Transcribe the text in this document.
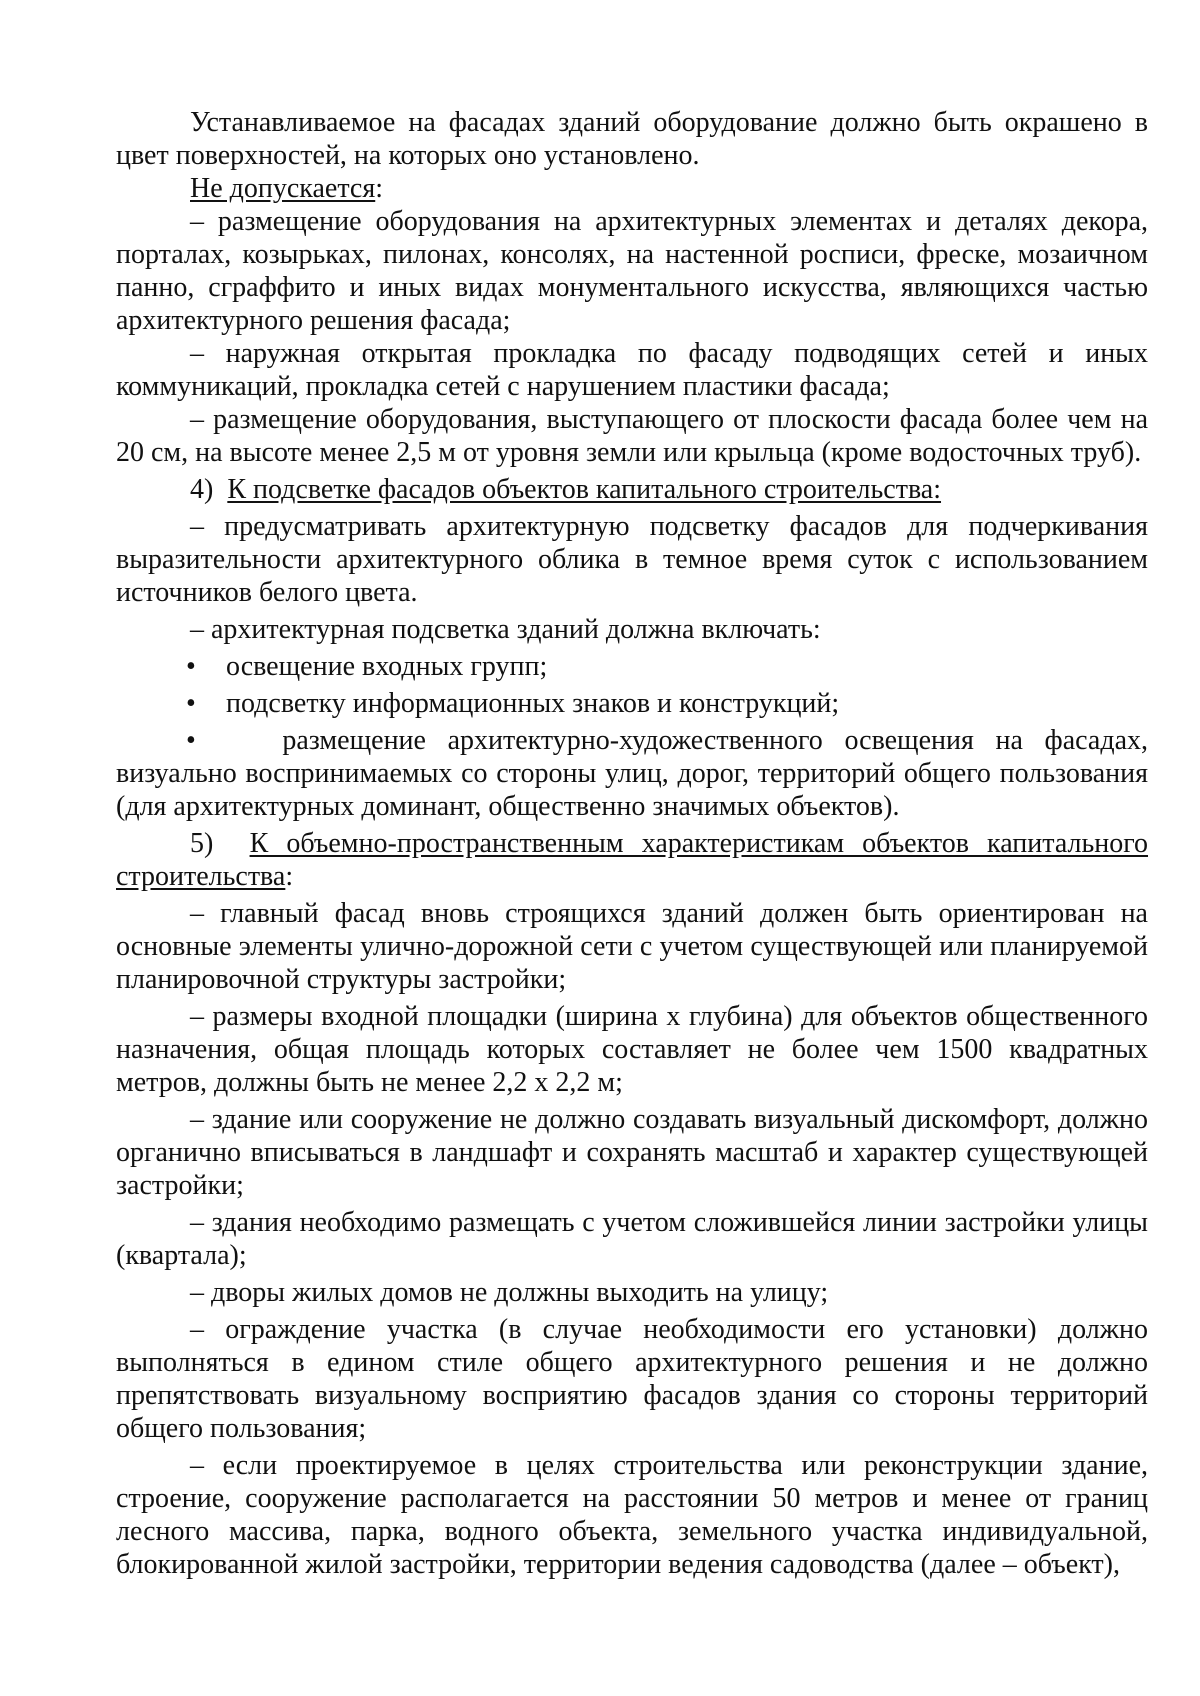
Устанавливаемое на фасадах зданий оборудование должно быть окрашено в цвет поверхностей, на которых оно установлено.

Не допускается:

– размещение оборудования на архитектурных элементах и деталях декора, порталах, козырьках, пилонах, консолях, на настенной росписи, фреске, мозаичном панно, сграффито и иных видах монументального искусства, являющихся частью архитектурного решения фасада;

– наружная открытая прокладка по фасаду подводящих сетей и иных коммуникаций, прокладка сетей с нарушением пластики фасада;

– размещение оборудования, выступающего от плоскости фасада более чем на 20 см, на высоте менее 2,5 м от уровня земли или крыльца (кроме водосточных труб).

4) К подсветке фасадов объектов капитального строительства:

– предусматривать архитектурную подсветку фасадов для подчеркивания выразительности архитектурного облика в темное время суток с использованием источников белого цвета.

– архитектурная подсветка зданий должна включать:

•	освещение входных групп;
•	подсветку информационных знаков и конструкций;

•	размещение архитектурно-художественного освещения на фасадах, визуально воспринимаемых со стороны улиц, дорог, территорий общего пользования (для архитектурных доминант, общественно значимых объектов).

5) К объемно-пространственным характеристикам объектов капитального строительства:

– главный фасад вновь строящихся зданий должен быть ориентирован на основные элементы улично-дорожной сети с учетом существующей или планируемой планировочной структуры застройки;

– размеры входной площадки (ширина х глубина) для объектов общественного назначения, общая площадь которых составляет не более чем 1500 квадратных метров, должны быть не менее 2,2 х 2,2 м;

– здание или сооружение не должно создавать визуальный дискомфорт, должно органично вписываться в ландшафт и сохранять масштаб и характер существующей застройки;

– здания необходимо размещать с учетом сложившейся линии застройки улицы (квартала);

– дворы жилых домов не должны выходить на улицу;

– ограждение участка (в случае необходимости его установки) должно выполняться в едином стиле общего архитектурного решения и не должно препятствовать визуальному восприятию фасадов здания со стороны территорий общего пользования;

– если проектируемое в целях строительства или реконструкции здание, строение, сооружение располагается на расстоянии 50 метров и менее от границ лесного массива, парка, водного объекта, земельного участка индивидуальной, блокированной жилой застройки, территории ведения садоводства (далее – объект),
